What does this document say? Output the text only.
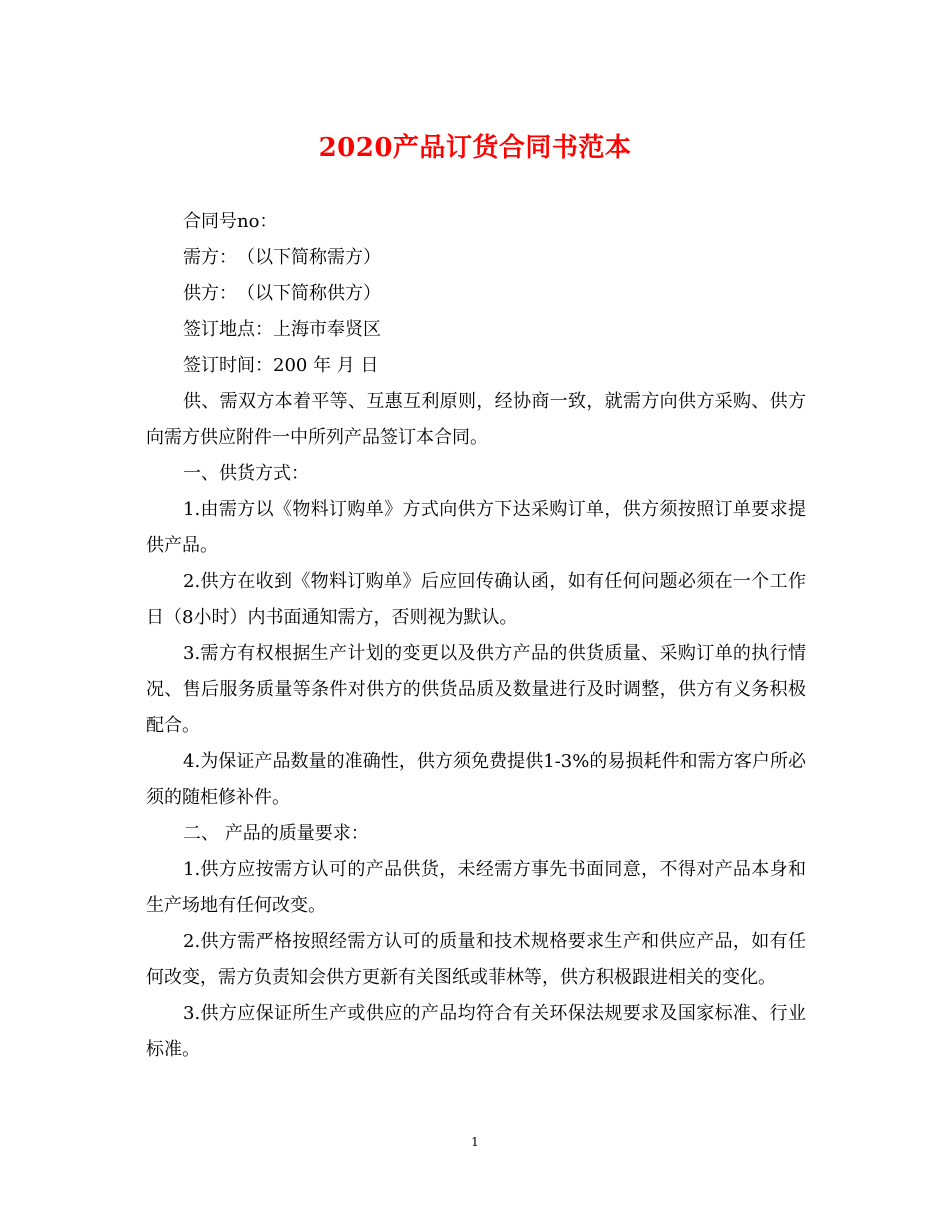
2020产品订货合同书范本

合同号no：

需方：　（以下简称需方）

供方：　（以下简称供方）

签订地点：上海市奉贤区

签订时间：200 年 月 日

供、需双方本着平等、互惠互利原则，经协商一致，就需方向供方采购、供方向需方供应附件一中所列产品签订本合同。

一、供货方式：

1.由需方以《物料订购单》方式向供方下达采购订单，供方须按照订单要求提供产品。

2.供方在收到《物料订购单》后应回传确认函，如有任何问题必须在一个工作日（8小时）内书面通知需方，否则视为默认。

3.需方有权根据生产计划的变更以及供方产品的供货质量、采购订单的执行情况、售后服务质量等条件对供方的供货品质及数量进行及时调整，供方有义务积极配合。

4.为保证产品数量的准确性，供方须免费提供1-3%的易损耗件和需方客户所必须的随柜修补件。

二、 产品的质量要求：

1.供方应按需方认可的产品供货，未经需方事先书面同意，不得对产品本身和生产场地有任何改变。

2.供方需严格按照经需方认可的质量和技术规格要求生产和供应产品，如有任何改变，需方负责知会供方更新有关图纸或菲林等，供方积极跟进相关的变化。

3.供方应保证所生产或供应的产品均符合有关环保法规要求及国家标准、行业标准。

1
